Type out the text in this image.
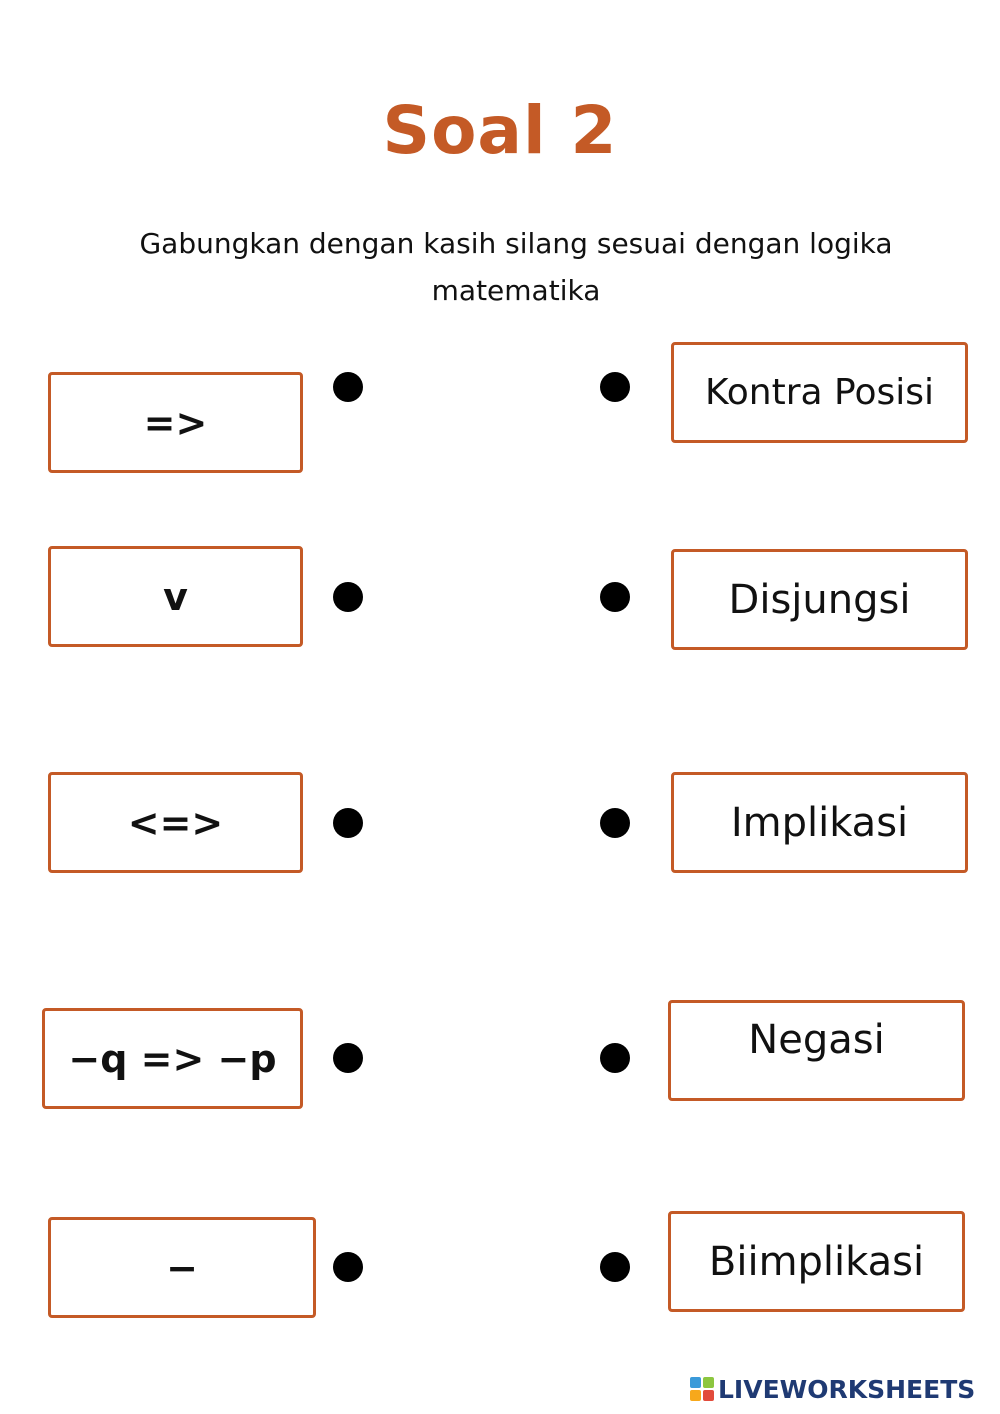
Soal 2
Gabungkan dengan kasih silang sesuai dengan logika matematika
=>
v
<=>
−q => −p
−
Kontra Posisi
Disjungsi
Implikasi
Negasi
Biimplikasi
LIVEWORKSHEETS
